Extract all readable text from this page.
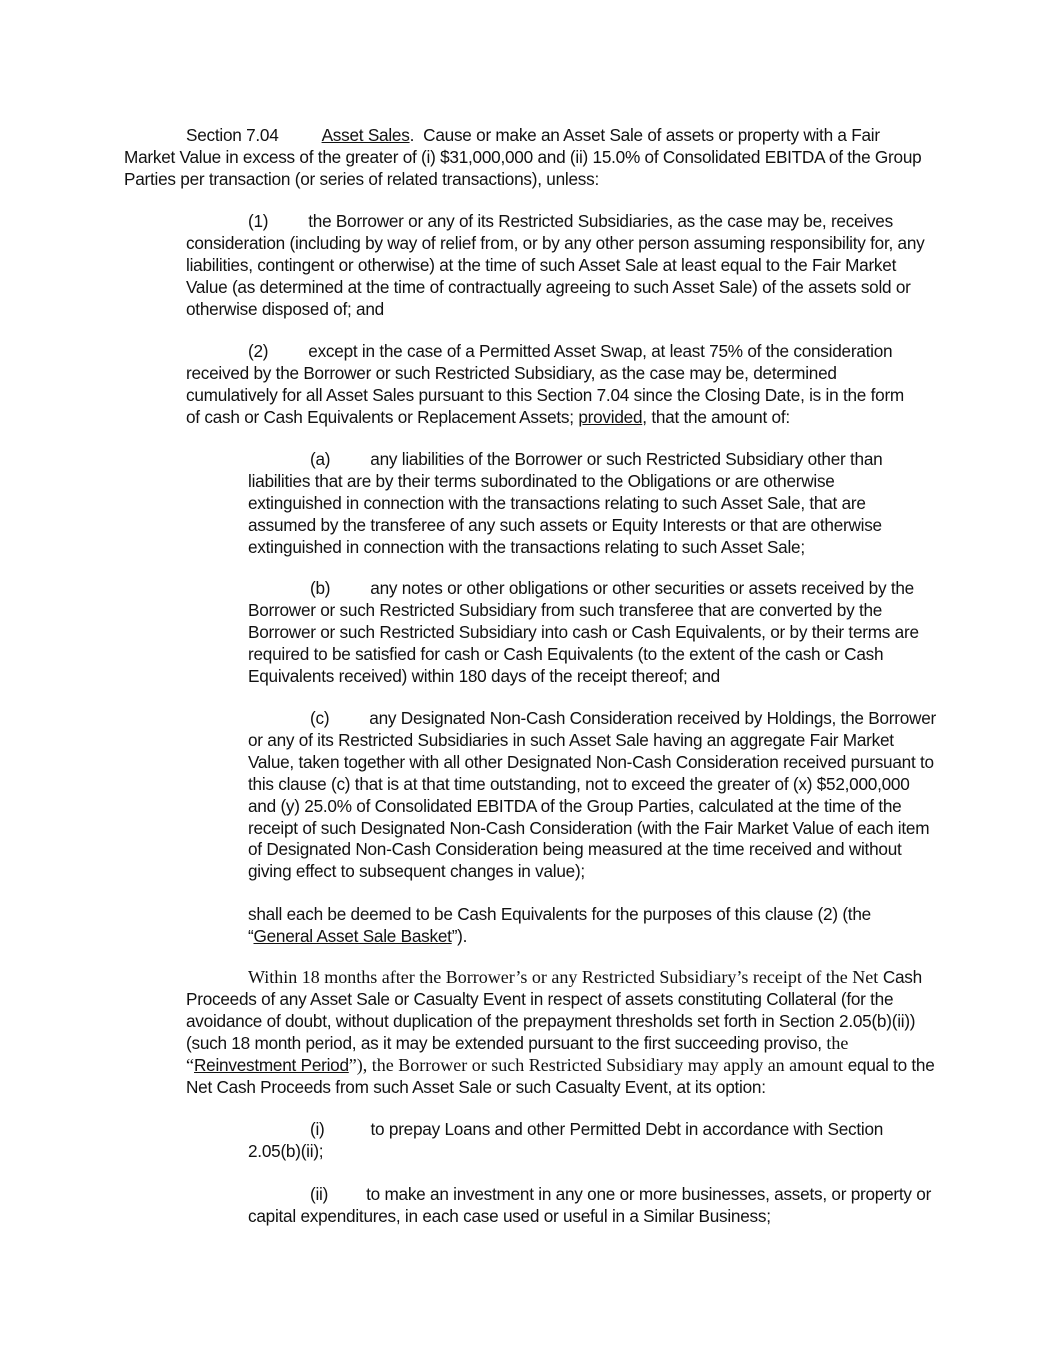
Section 7.04	Asset Sales. Cause or make an Asset Sale of assets or property with a Fair Market Value in excess of the greater of (i) $31,000,000 and (ii) 15.0% of Consolidated EBITDA of the Group Parties per transaction (or series of related transactions), unless:

(1) the Borrower or any of its Restricted Subsidiaries, as the case may be, receives consideration (including by way of relief from, or by any other person assuming responsibility for, any liabilities, contingent or otherwise) at the time of such Asset Sale at least equal to the Fair Market Value (as determined at the time of contractually agreeing to such Asset Sale) of the assets sold or otherwise disposed of; and

(2) except in the case of a Permitted Asset Swap, at least 75% of the consideration received by the Borrower or such Restricted Subsidiary, as the case may be, determined cumulatively for all Asset Sales pursuant to this Section 7.04 since the Closing Date, is in the form of cash or Cash Equivalents or Replacement Assets; provided, that the amount of:

(a) any liabilities of the Borrower or such Restricted Subsidiary other than liabilities that are by their terms subordinated to the Obligations or are otherwise extinguished in connection with the transactions relating to such Asset Sale, that are assumed by the transferee of any such assets or Equity Interests or that are otherwise extinguished in connection with the transactions relating to such Asset Sale;

(b) any notes or other obligations or other securities or assets received by the Borrower or such Restricted Subsidiary from such transferee that are converted by the Borrower or such Restricted Subsidiary into cash or Cash Equivalents, or by their terms are required to be satisfied for cash or Cash Equivalents (to the extent of the cash or Cash Equivalents received) within 180 days of the receipt thereof; and

(c) any Designated Non-Cash Consideration received by Holdings, the Borrower or any of its Restricted Subsidiaries in such Asset Sale having an aggregate Fair Market Value, taken together with all other Designated Non-Cash Consideration received pursuant to this clause (c) that is at that time outstanding, not to exceed the greater of (x) $52,000,000 and (y) 25.0% of Consolidated EBITDA of the Group Parties, calculated at the time of the receipt of such Designated Non-Cash Consideration (with the Fair Market Value of each item of Designated Non-Cash Consideration being measured at the time received and without giving effect to subsequent changes in value);

shall each be deemed to be Cash Equivalents for the purposes of this clause (2) (the “General Asset Sale Basket”).

Within 18 months after the Borrower’s or any Restricted Subsidiary’s receipt of the Net Cash Proceeds of any Asset Sale or Casualty Event in respect of assets constituting Collateral (for the avoidance of doubt, without duplication of the prepayment thresholds set forth in Section 2.05(b)(ii)) (such 18 month period, as it may be extended pursuant to the first succeeding proviso, the “Reinvestment Period”), the Borrower or such Restricted Subsidiary may apply an amount equal to the Net Cash Proceeds from such Asset Sale or such Casualty Event, at its option:

(i)	to prepay Loans and other Permitted Debt in accordance with Section 2.05(b)(ii);

(ii) to make an investment in any one or more businesses, assets, or property or capital expenditures, in each case used or useful in a Similar Business;
